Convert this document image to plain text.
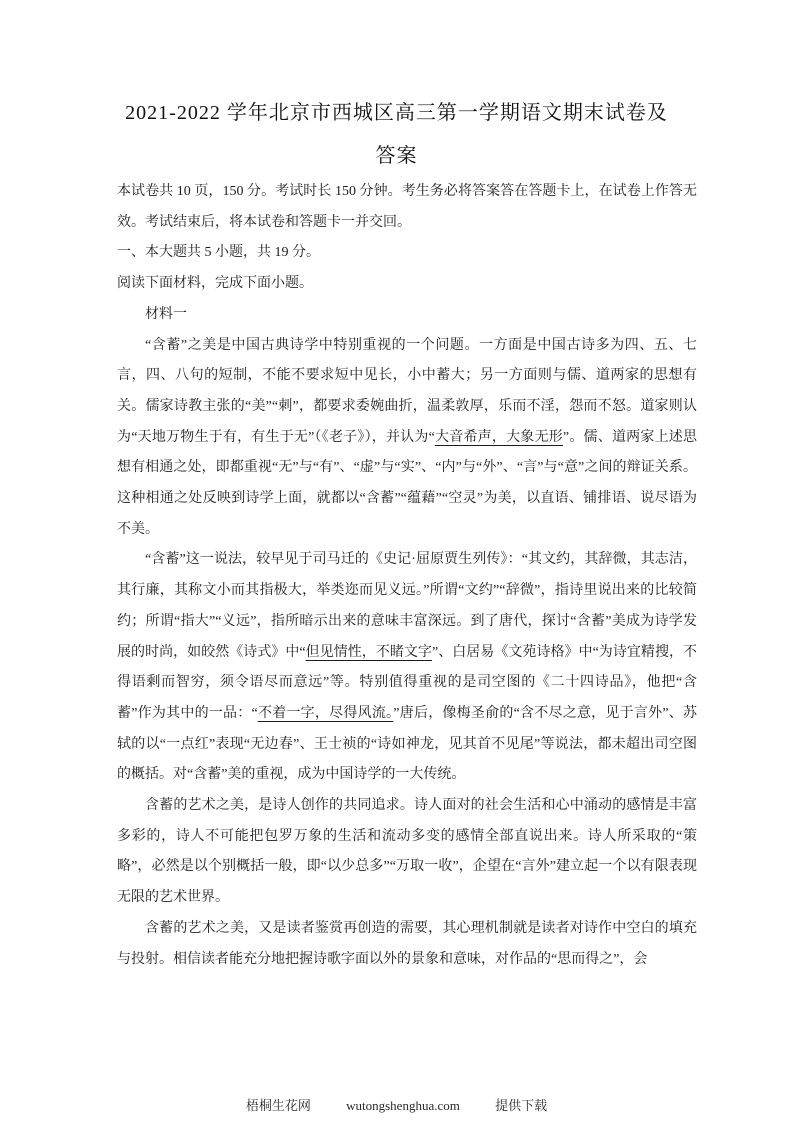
2021-2022 学年北京市西城区高三第一学期语文期末试卷及
答案

本试卷共 10 页，150 分。考试时长 150 分钟。考生务必将答案答在答题卡上，在试卷上作答无效。考试结束后，将本试卷和答题卡一并交回。

一、本大题共 5 小题，共 19 分。

阅读下面材料，完成下面小题。

材料一

“含蓄”之美是中国古典诗学中特别重视的一个问题。一方面是中国古诗多为四、五、七言，四、八句的短制，不能不要求短中见长，小中蓄大；另一方面则与儒、道两家的思想有关。儒家诗教主张的“美”“刺”，都要求委婉曲折，温柔敦厚，乐而不淫，怨而不怒。道家则认为“天地万物生于有，有生于无”（《老子》），并认为“大音希声，大象无形”。儒、道两家上述思想有相通之处，即都重视“无”与“有”、“虚”与“实”、“内”与“外”、“言”与“意”之间的辩证关系。这种相通之处反映到诗学上面，就都以“含蓄”“蕴藉”“空灵”为美，以直语、铺排语、说尽语为不美。

“含蓄”这一说法，较早见于司马迁的《史记·屈原贾生列传》：“其文约，其辞微，其志洁，其行廉，其称文小而其指极大，举类迩而见义远。”所谓“文约”“辞微”，指诗里说出来的比较简约；所谓“指大”“义远”，指所暗示出来的意味丰富深远。到了唐代，探讨“含蓄”美成为诗学发展的时尚，如皎然《诗式》中“但见情性，不睹文字”、白居易《文苑诗格》中“为诗宜精搜，不得语剩而智穷，须令语尽而意远”等。特别值得重视的是司空图的《二十四诗品》，他把“含蓄”作为其中的一品：“不着一字，尽得风流。”唐后，像梅圣俞的“含不尽之意，见于言外”、苏轼的以“一点红”表现“无边春”、王士祯的“诗如神龙，见其首不见尾”等说法，都未超出司空图的概括。对“含蓄”美的重视，成为中国诗学的一大传统。

含蓄的艺术之美，是诗人创作的共同追求。诗人面对的社会生活和心中涌动的感情是丰富多彩的，诗人不可能把包罗万象的生活和流动多变的感情全部直说出来。诗人所采取的“策略”，必然是以个别概括一般，即“以少总多”“万取一收”，企望在“言外”建立起一个以有限表现无限的艺术世界。

含蓄的艺术之美，又是读者鉴赏再创造的需要，其心理机制就是读者对诗作中空白的填充与投射。相信读者能充分地把握诗歌字面以外的景象和意味，对作品的“思而得之”，会

梧桐生花网	wutongshenghua.com	提供下载
